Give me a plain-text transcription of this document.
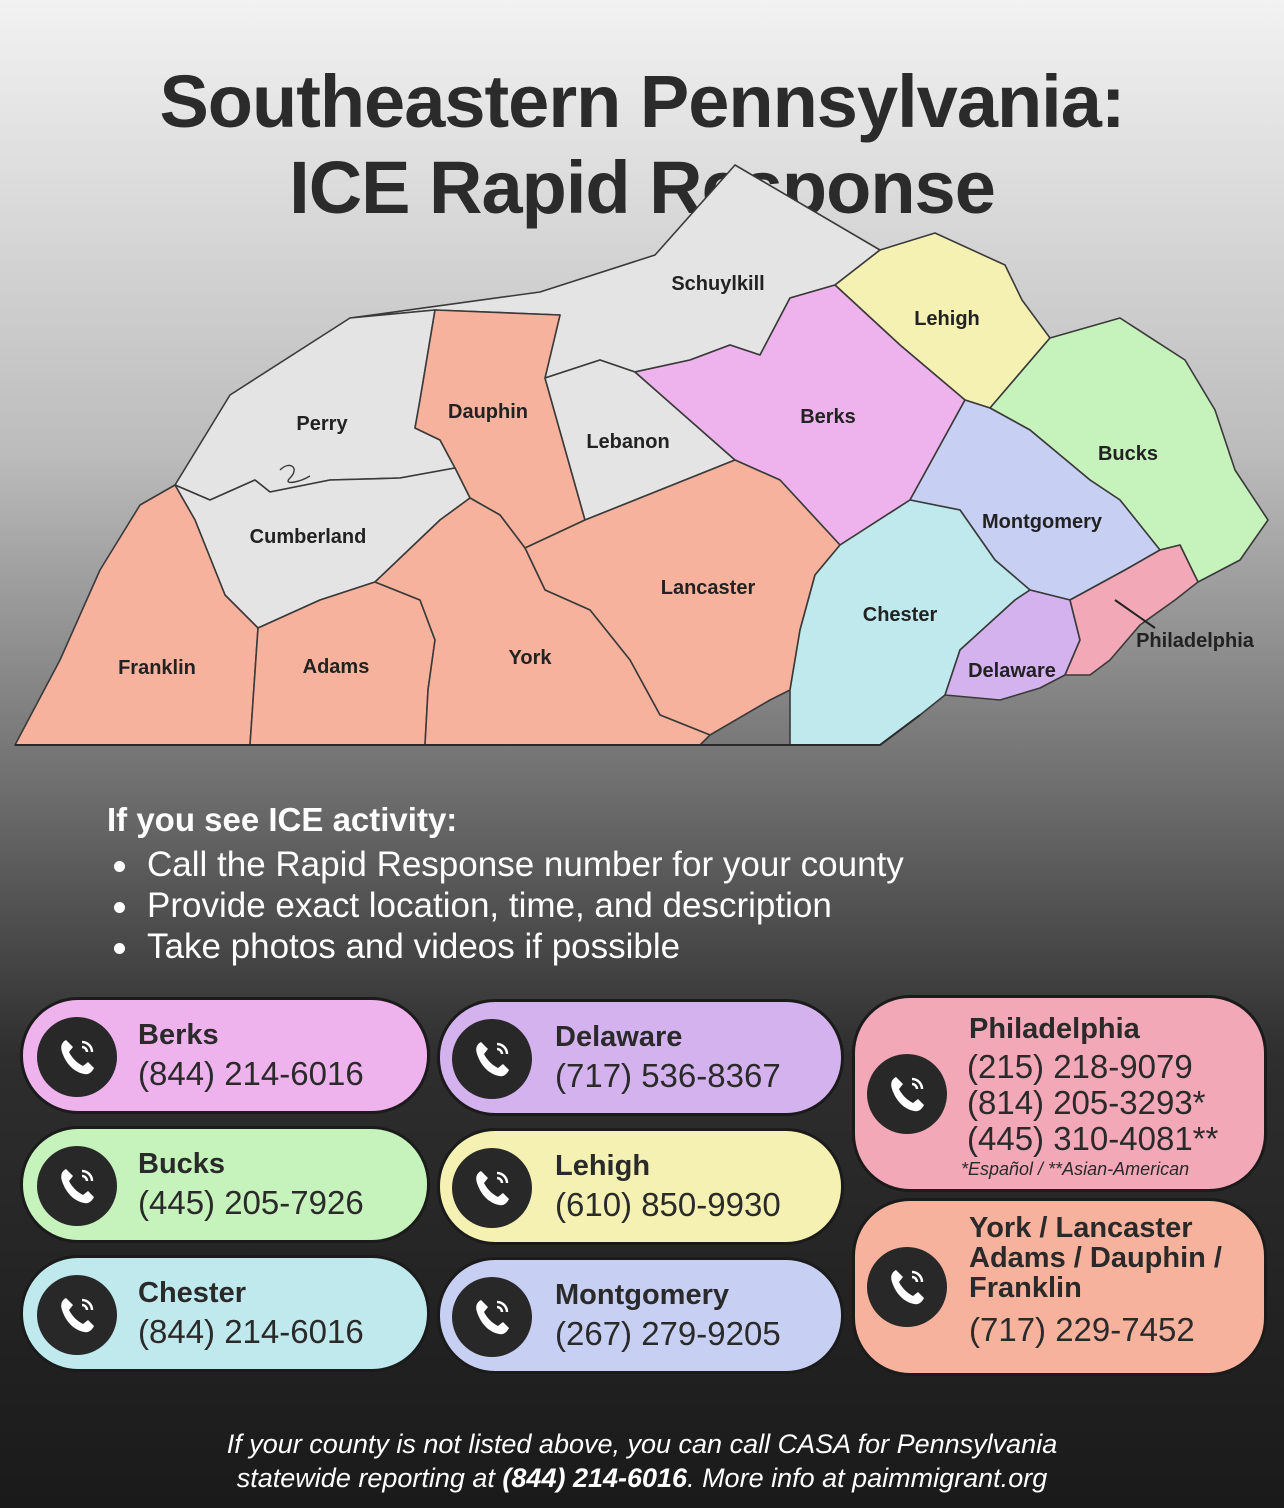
Southeastern Pennsylvania:
ICE Rapid Response
Schuylkill
Lehigh
Bucks
Perry
Dauphin
Lebanon
Berks
Cumberland
Montgomery
Lancaster
Chester
Franklin	Adams	York
Delaware
Philadelphia
If you see ICE activity:
Call the Rapid Response number for your county
Provide exact location, time, and description
Take photos and videos if possible
Berks
(844) 214-6016
Bucks
(445) 205-7926
Chester
(844) 214-6016
Delaware
(717) 536-8367
Lehigh
(610) 850-9930
Montgomery
(267) 279-9205
Philadelphia
(215) 218-9079
(814) 205-3293*
(445) 310-4081**
*Español / **Asian-American
York / Lancaster
Adams / Dauphin /
Franklin
(717) 229-7452
If your county is not listed above, you can call CASA for Pennsylvania
statewide reporting at (844) 214-6016. More info at paimmigrant.org
